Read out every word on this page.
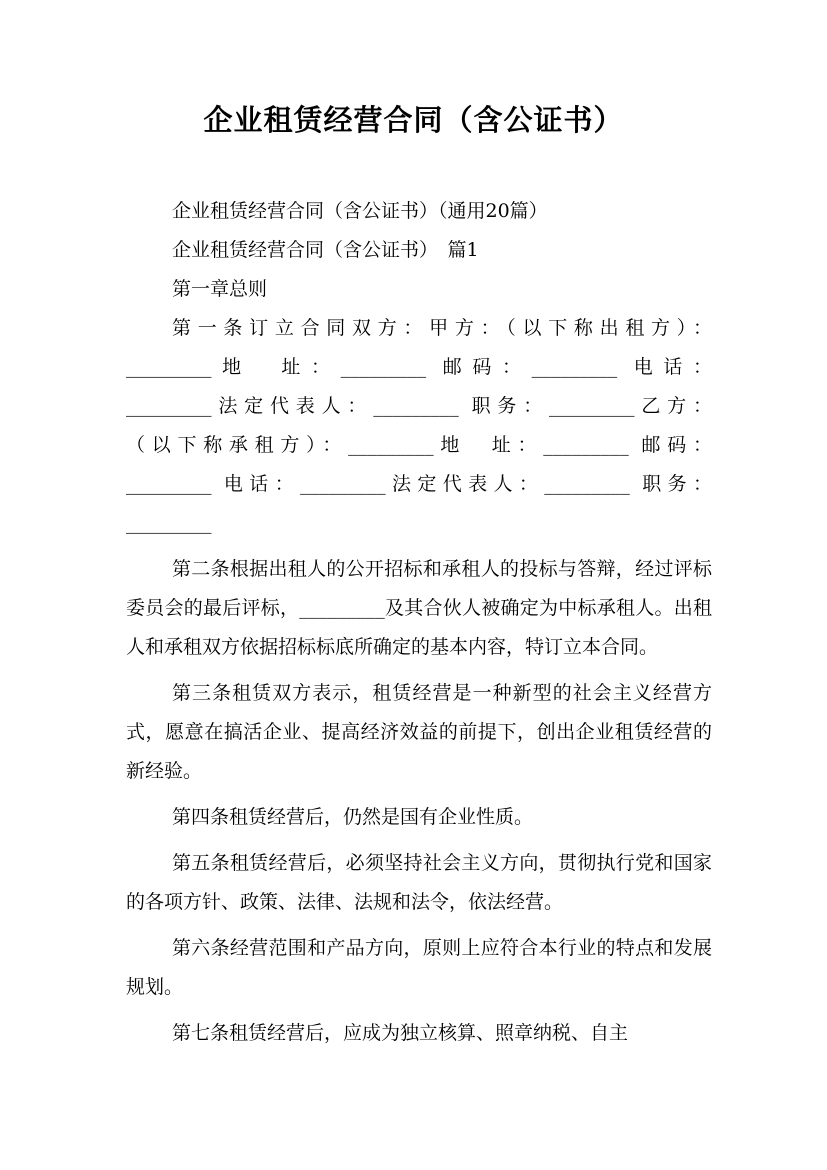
企业租赁经营合同（含公证书）

企业租赁经营合同（含公证书）（通用20篇）

企业租赁经营合同（含公证书）　篇1

第一章总则

第一条订立合同双方：甲方：（以下称出租方）：

_________地　址：_________ 邮码：_________ 电话：

_________法定代表人：_________ 职务：_________乙方：

（以下称承租方）：_________地　址：_________ 邮码：

_________ 电话：_________法定代表人：_________ 职务：

_________

第二条根据出租人的公开招标和承租人的投标与答辩，经过评标委员会的最后评标，_________及其合伙人被确定为中标承租人。出租人和承租双方依据招标标底所确定的基本内容，特订立本合同。

第三条租赁双方表示，租赁经营是一种新型的社会主义经营方式，愿意在搞活企业、提高经济效益的前提下，创出企业租赁经营的新经验。

第四条租赁经营后，仍然是国有企业性质。

第五条租赁经营后，必须坚持社会主义方向，贯彻执行党和国家的各项方针、政策、法律、法规和法令，依法经营。

第六条经营范围和产品方向，原则上应符合本行业的特点和发展规划。

第七条租赁经营后，应成为独立核算、照章纳税、自主
